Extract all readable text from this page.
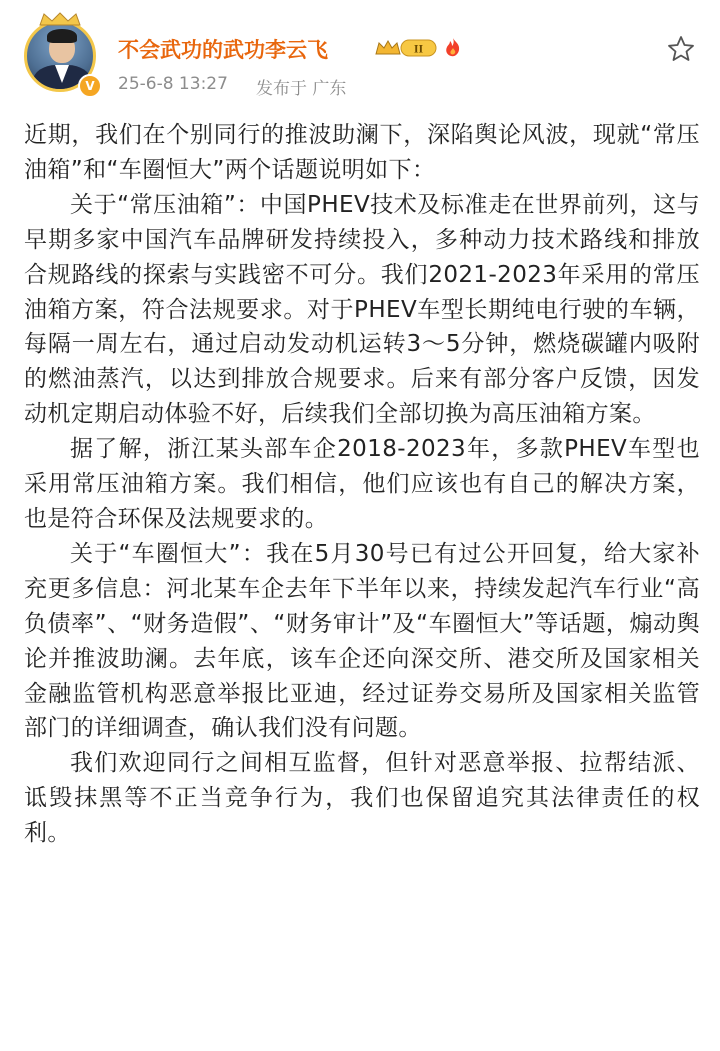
V
不会武功的武功李云飞	II
25-6-8 13:27 发布于 广东

近期，我们在个别同行的推波助澜下，深陷舆论风波，现就“常压油箱”和“车圈恒大”两个话题说明如下：

关于“常压油箱”：中国PHEV技术及标准走在世界前列，这与早期多家中国汽车品牌研发持续投入，多种动力技术路线和排放合规路线的探索与实践密不可分。我们2021-2023年采用的常压油箱方案，符合法规要求。对于PHEV车型长期纯电行驶的车辆，每隔一周左右，通过启动发动机运转3～5分钟，燃烧碳罐内吸附的燃油蒸汽，以达到排放合规要求。后来有部分客户反馈，因发动机定期启动体验不好，后续我们全部切换为高压油箱方案。

据了解，浙江某头部车企2018-2023年，多款PHEV车型也采用常压油箱方案。我们相信，他们应该也有自己的解决方案，也是符合环保及法规要求的。

关于“车圈恒大”：我在5月30号已有过公开回复，给大家补充更多信息：河北某车企去年下半年以来，持续发起汽车行业“高负债率”、“财务造假”、“财务审计”及“车圈恒大”等话题，煽动舆论并推波助澜。去年底，该车企还向深交所、港交所及国家相关金融监管机构恶意举报比亚迪，经过证券交易所及国家相关监管部门的详细调查，确认我们没有问题。

我们欢迎同行之间相互监督，但针对恶意举报、拉帮结派、诋毁抹黑等不正当竞争行为，我们也保留追究其法律责任的权利。
